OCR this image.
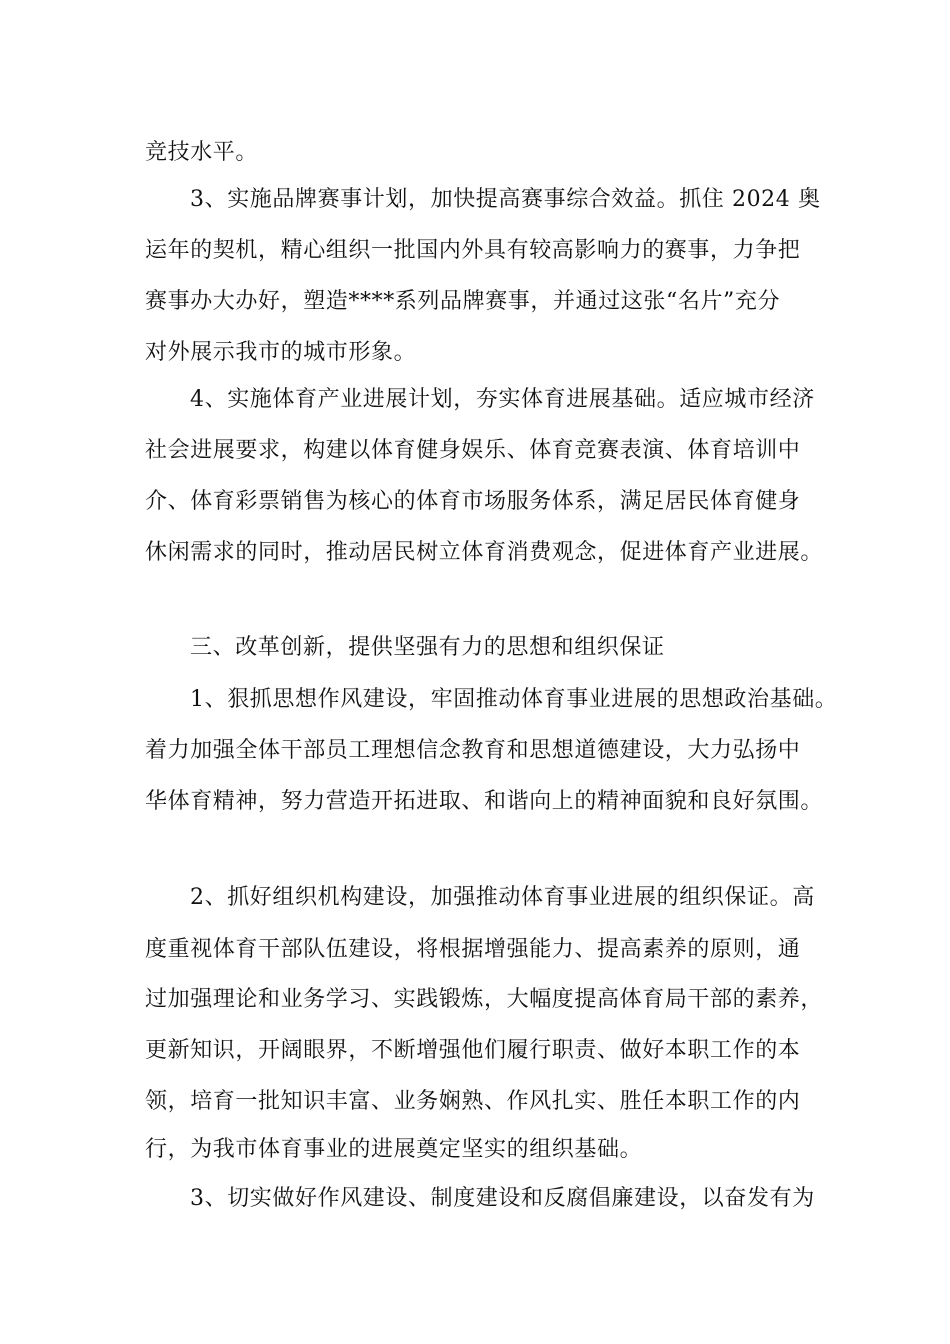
竞技水平。
3、实施品牌赛事计划，加快提高赛事综合效益。抓住 2024 奥
运年的契机，精心组织一批国内外具有较高影响力的赛事，力争把
赛事办大办好，塑造****系列品牌赛事，并通过这张“名片”充分
对外展示我市的城市形象。
4、实施体育产业进展计划，夯实体育进展基础。适应城市经济
社会进展要求，构建以体育健身娱乐、体育竞赛表演、体育培训中
介、体育彩票销售为核心的体育市场服务体系，满足居民体育健身
休闲需求的同时，推动居民树立体育消费观念，促进体育产业进展。
三、改革创新，提供坚强有力的思想和组织保证
1、狠抓思想作风建设，牢固推动体育事业进展的思想政治基础。
着力加强全体干部员工理想信念教育和思想道德建设，大力弘扬中
华体育精神，努力营造开拓进取、和谐向上的精神面貌和良好氛围。
2、抓好组织机构建设，加强推动体育事业进展的组织保证。高
度重视体育干部队伍建设，将根据增强能力、提高素养的原则，通
过加强理论和业务学习、实践锻炼，大幅度提高体育局干部的素养，
更新知识，开阔眼界，不断增强他们履行职责、做好本职工作的本
领，培育一批知识丰富、业务娴熟、作风扎实、胜任本职工作的内
行，为我市体育事业的进展奠定坚实的组织基础。
3、切实做好作风建设、制度建设和反腐倡廉建设，以奋发有为
